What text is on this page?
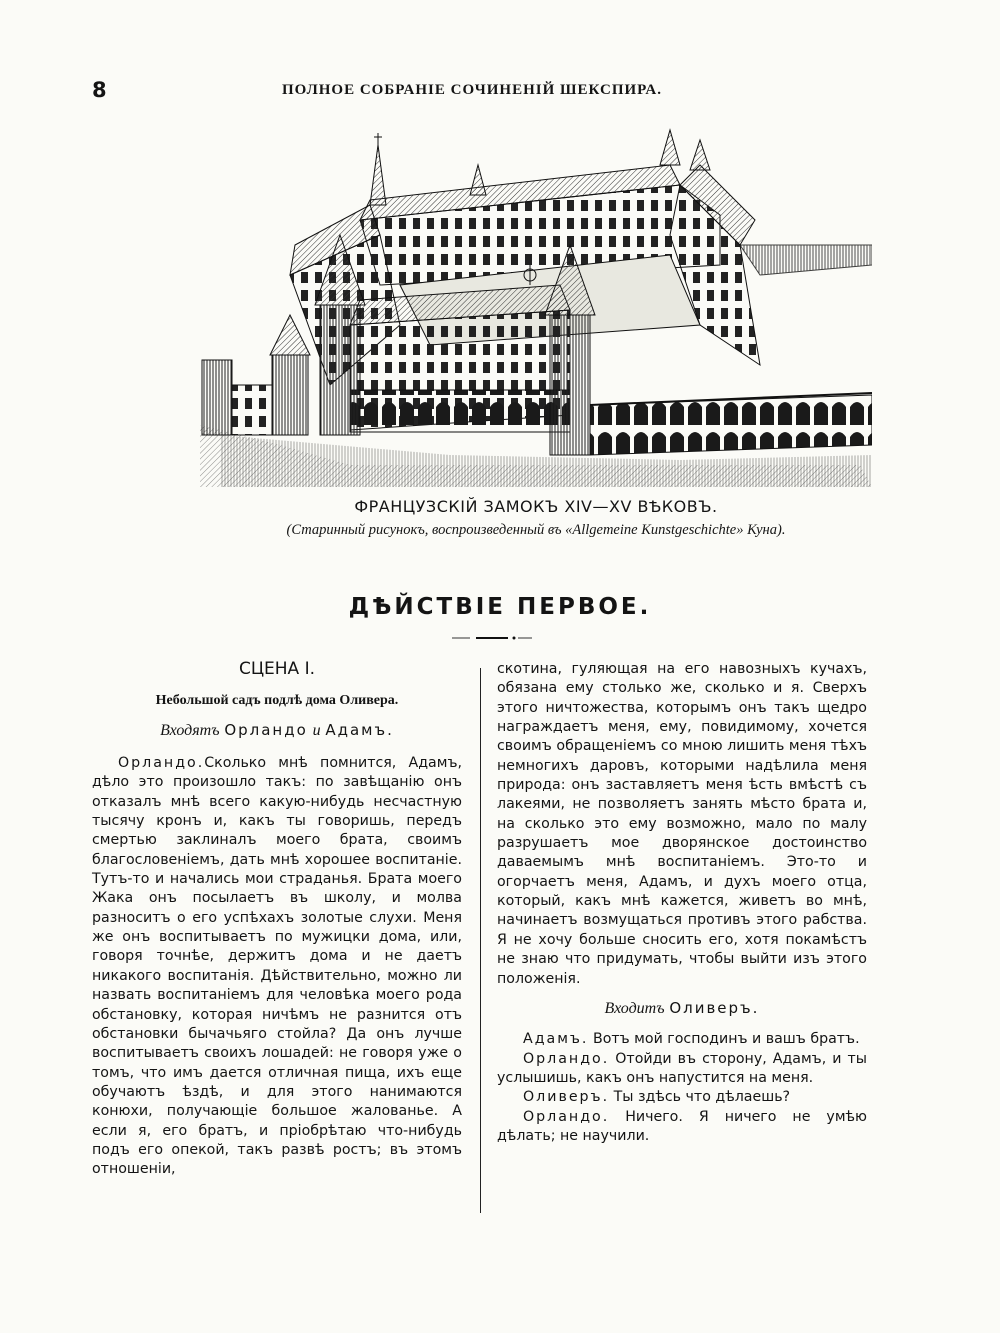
8	ПОЛНОЕ СОБРАНІЕ СОЧИНЕНІЙ ШЕКСПИРА.
ФРАНЦУЗСКІЙ ЗАМОКЪ XIV—XV ВѢКОВЪ.
(Старинный рисунокъ, воспроизведенный въ «Allgemeine Kunstgeschichte» Куна).
ДѢЙСТВІЕ ПЕРВОЕ.
СЦЕНА I.
Небольшой садъ подлѣ дома Оливера.
Входятъ Орландо и Адамъ.

Орландо.Сколько мнѣ помнится, Адамъ, дѣло это произошло такъ: по завѣщанію онъ отказалъ мнѣ всего какую-нибудь несчастную тысячу кронъ и, какъ ты говоришь, передъ смертью заклиналъ моего брата, своимъ благословеніемъ, дать мнѣ хорошее воспитаніе. Тутъ-то и начались мои страданья. Брата моего Жака онъ посылаетъ въ школу, и молва разноситъ о его успѣхахъ золотые слухи. Меня же онъ воспитываетъ по мужицки дома, или, говоря точнѣе, держитъ дома и не даетъ никакого воспитанія. Дѣйствительно, можно ли назвать воспитаніемъ для человѣка моего рода обстановку, которая ничѣмъ не разнится отъ обстановки бычачьяго стойла? Да онъ лучше воспитываетъ своихъ лошадей: не говоря уже о томъ, что имъ дается отличная пища, ихъ еще обучаютъ ѣздѣ, и для этого нанимаются конюхи, получающіе большое жалованье. А если я, его братъ, и пріобрѣтаю что-нибудь подъ его опекой, такъ развѣ ростъ; въ этомъ отношеніи,

скотина, гуляющая на его навозныхъ кучахъ, обязана ему столько же, сколько и я. Сверхъ этого ничтожества, которымъ онъ такъ щедро награждаетъ меня, ему, повидимому, хочется своимъ обращеніемъ со мною лишить меня тѣхъ немногихъ даровъ, которыми надѣлила меня природа: онъ заставляетъ меня ѣсть вмѣстѣ съ лакеями, не позволяетъ занять мѣсто брата и, на сколько это ему возможно, мало по малу разрушаетъ мое дворянское достоинство даваемымъ мнѣ воспитаніемъ. Это-то и огорчаетъ меня, Адамъ, и духъ моего отца, который, какъ мнѣ кажется, живетъ во мнѣ, начинаетъ возмущаться противъ этого рабства. Я не хочу больше сносить его, хотя покамѣстъ не знаю что придумать, чтобы выйти изъ этого положенія.

Входитъ Оливеръ.

Адамъ. Вотъ мой господинъ и вашъ братъ.

Орландо. Отойди въ сторону, Адамъ, и ты услышишь, какъ онъ напустится на меня.

Оливеръ. Ты здѣсь что дѣлаешь?

Орландо. Ничего. Я ничего не умѣю дѣлать; не научили.
